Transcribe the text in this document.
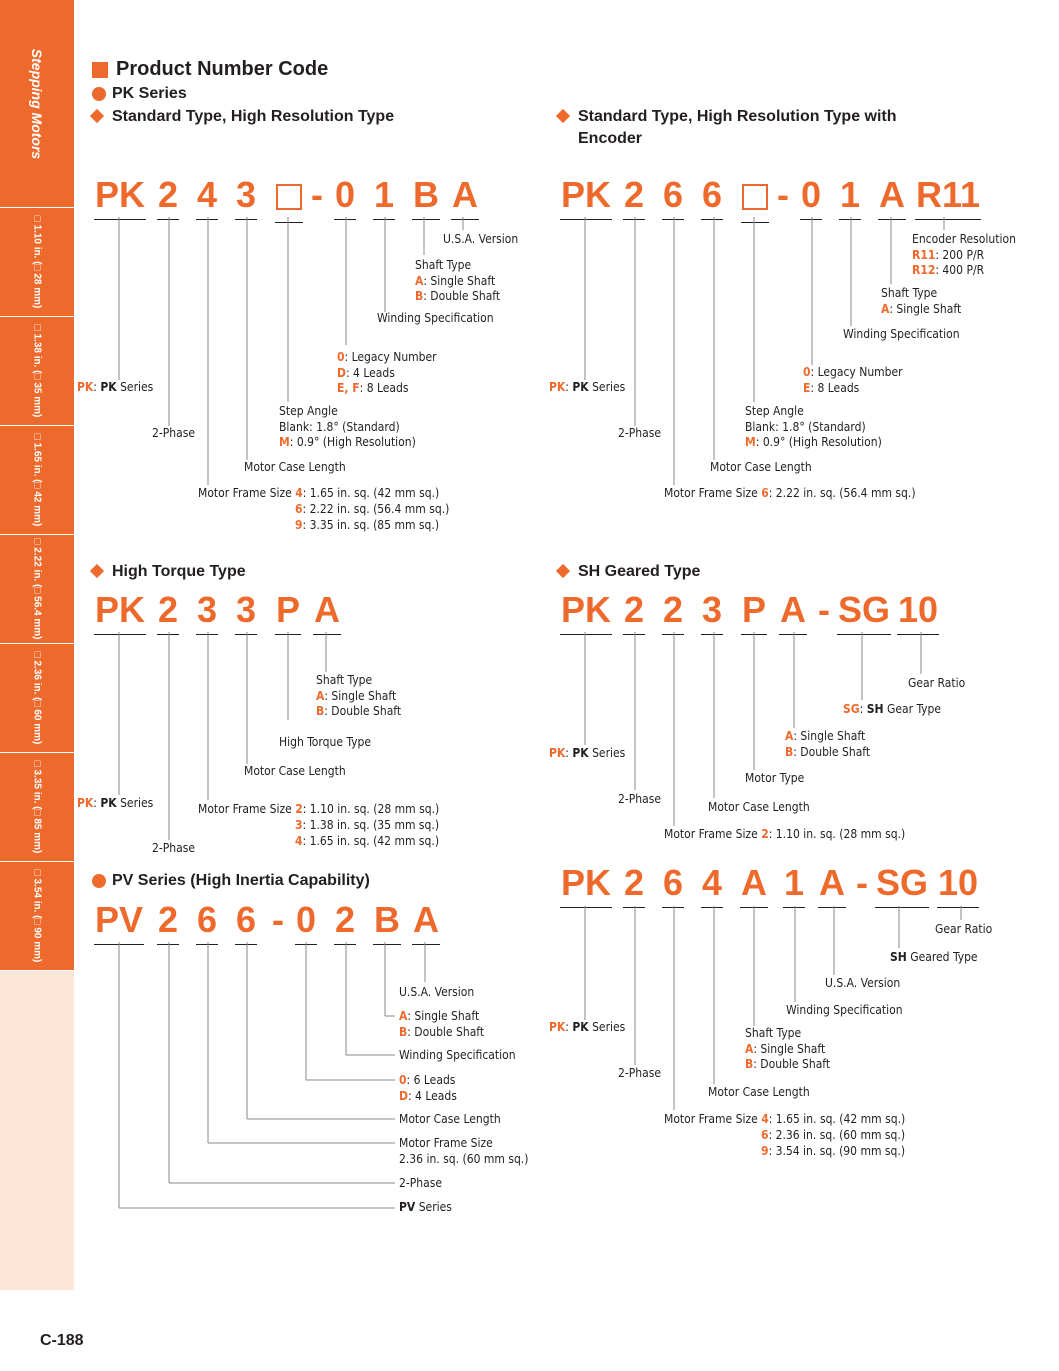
Stepping Motors
□ 1.10 in. (□ 28 mm)
□ 1.38 in. (□ 35 mm)
□ 1.65 in. (□ 42 mm)
□ 2.22 in. (□ 56.4 mm)
□ 2.36 in. (□ 60 mm)
□ 3.35 in. (□ 85 mm)
□ 3.54 in. (□ 90 mm)
C-188
Product Number Code
PK Series
Standard Type, High Resolution Type	Standard Type, High Resolution Type with Encoder
High Torque Type	SH Geared Type
PV Series (High Inertia Capability)
PK 2 4 3 - 0 1 B A PK 2 6 6 - 0 1 A R11
PK 2 3 3 P A	PK 2 2 3 P A - SG 10
PV 2 6 6 - 0 2 B A
PK 2 6 4 A 1 A - SG 10
U.S.A. Version
Shaft Type
A: Single Shaft
B: Double Shaft
Winding Specification
0: Legacy Number
D: 4 Leads
E, F: 8 Leads
PK: PK Series
Step Angle
Blank: 1.8° (Standard)
M: 0.9° (High Resolution)
2-Phase
Motor Case Length
Motor Frame Size 4: 1.65 in. sq. (42 mm sq.)
6: 2.22 in. sq. (56.4 mm sq.)
9: 3.35 in. sq. (85 mm sq.)
Encoder Resolution
R11: 200 P/R
R12: 400 P/R
Shaft Type
A: Single Shaft
Winding Specification
0: Legacy Number
E: 8 Leads
PK: PK Series
Step Angle
Blank: 1.8° (Standard)
M: 0.9° (High Resolution)
2-Phase
Motor Case Length
Motor Frame Size 6: 2.22 in. sq. (56.4 mm sq.)
Shaft Type
A: Single Shaft
B: Double Shaft
High Torque Type
Motor Case Length
PK: PK Series	Motor Frame Size 2: 1.10 in. sq. (28 mm sq.)
3: 1.38 in. sq. (35 mm sq.)
4: 1.65 in. sq. (42 mm sq.)
2-Phase
Gear Ratio
SG: SH Gear Type
A: Single Shaft
B: Double Shaft
PK: PK Series
Motor Type
2-Phase
Motor Case Length
Motor Frame Size 2: 1.10 in. sq. (28 mm sq.)
U.S.A. Version
A: Single Shaft
B: Double Shaft
Winding Specification
0: 6 Leads
D: 4 Leads
Motor Case Length
Motor Frame Size
2.36 in. sq. (60 mm sq.)
2-Phase
PV Series
Gear Ratio
SH Geared Type
U.S.A. Version
Winding Specification
PK: PK Series	Shaft Type
A: Single Shaft
B: Double Shaft
2-Phase
Motor Case Length
Motor Frame Size 4: 1.65 in. sq. (42 mm sq.)
6: 2.36 in. sq. (60 mm sq.)
9: 3.54 in. sq. (90 mm sq.)
